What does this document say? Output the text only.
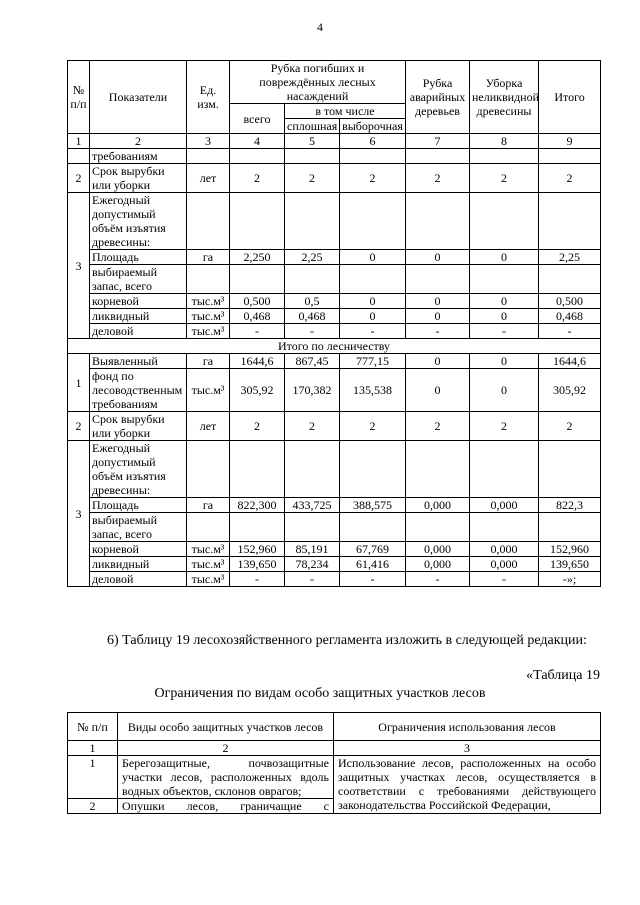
4
№ п/п	Показатели	Ед. изм.	Рубка погибших и повреждённых лесных насаждений			Рубка аварийных деревьев	Уборка неликвидной древесины	Итого
			всего	в том числе				
				сплошная	выборочная			
1	2	3	4	5	6	7	8	9
	требованиям							
2	Срок вырубки или уборки	лет	2	2	2	2	2	2
3	Ежегодный допустимый объём изъятия древесины:							
	Площадь	га	2,250	2,25	0	0	0	2,25
	выбираемый запас, всего							
	корневой	тыс.м³	0,500	0,5	0	0	0	0,500
	ликвидный	тыс.м³	0,468	0,468	0	0	0	0,468
	деловой	тыс.м³	-	-	-	-	-	-
Итого по лесничеству								
1	Выявленный	га	1644,6	867,45	777,15	0	0	1644,6
	фонд по лесоводственным требованиям	тыс.м³	305,92	170,382	135,538	0	0	305,92
2	Срок вырубки или уборки	лет	2	2	2	2	2	2
3	Ежегодный допустимый объём изъятия древесины:							
	Площадь	га	822,300	433,725	388,575	0,000	0,000	822,3
	выбираемый запас, всего							
	корневой	тыс.м³	152,960	85,191	67,769	0,000	0,000	152,960
	ликвидный	тыс.м³	139,650	78,234	61,416	0,000	0,000	139,650
	деловой	тыс.м³	-	-	-	-	-	-»;
6) Таблицу 19 лесохозяйственного регламента изложить в следующей редакции:
«Таблица 19
Ограничения по видам особо защитных участков лесов
№ п/п	Виды особо защитных участков лесов	Ограничения использования лесов
1	2	3
1	Берегозащитные, почвозащитные участки лесов, расположенных вдоль водных объектов, склонов оврагов;	Использование лесов, расположенных на особо защитных участках лесов, осуществляется в соответствии с требованиями действующего законодательства Российской Федерации,
2	Опушки лесов, граничащие с	
